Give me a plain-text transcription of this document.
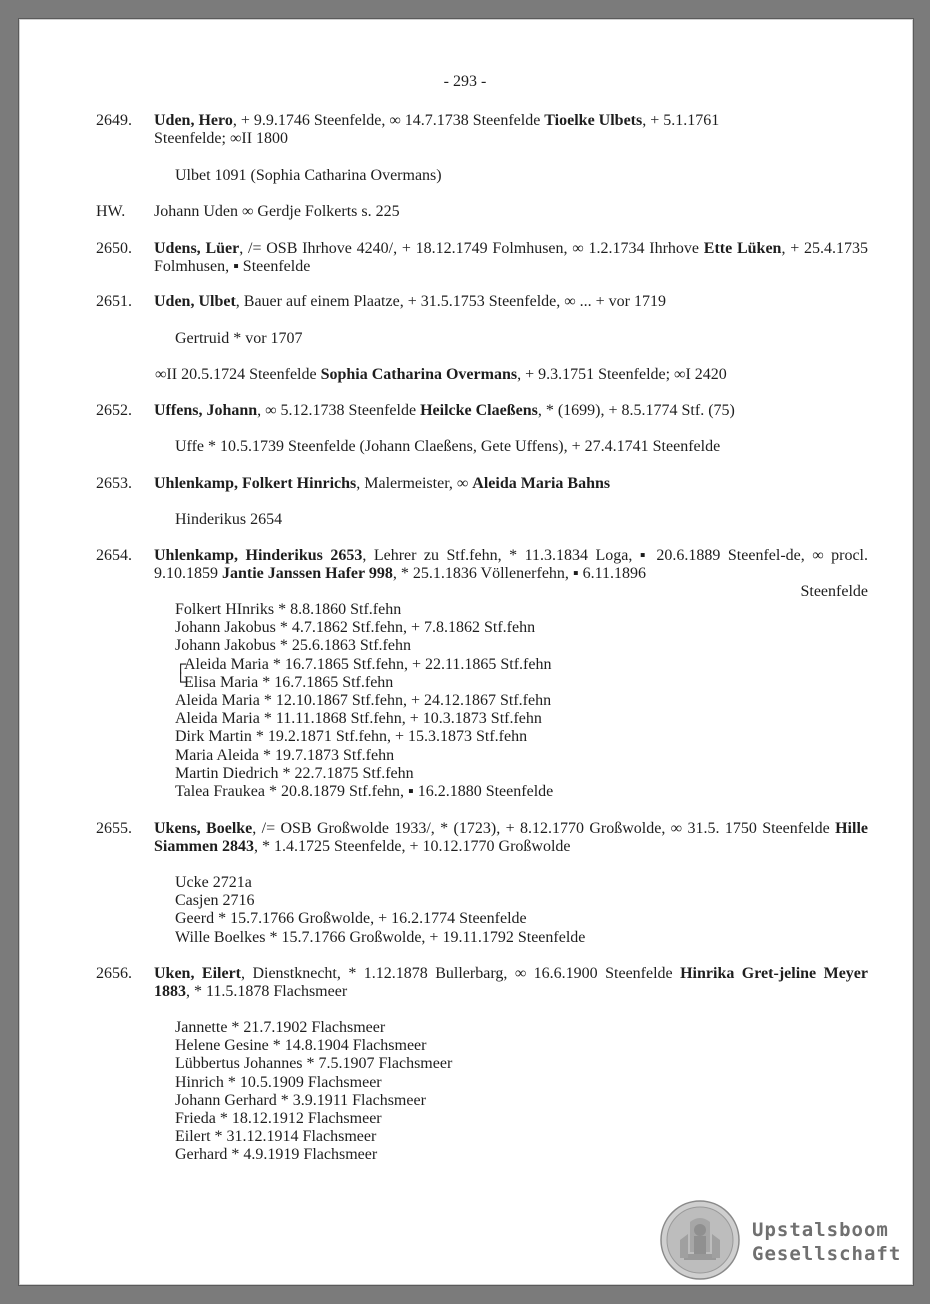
- 293 -
2649.	Uden, Hero, + 9.9.1746 Steenfelde, ∞ 14.7.1738 Steenfelde Tioelke Ulbets, + 5.1.1761
Steenfelde; ∞II 1800
Ulbet 1091 (Sophia Catharina Overmans)
HW.	Johann Uden ∞ Gerdje Folkerts s. 225
2650.	Udens, Lüer, /= OSB Ihrhove 4240/, + 18.12.1749 Folmhusen, ∞ 1.2.1734 Ihrhove Ette Lüken, + 25.4.1735 Folmhusen, ▪ Steenfelde
2651.	Uden, Ulbet, Bauer auf einem Plaatze, + 31.5.1753 Steenfelde, ∞ ... + vor 1719
Gertruid * vor 1707
∞II 20.5.1724 Steenfelde Sophia Catharina Overmans, + 9.3.1751 Steenfelde; ∞I 2420
2652.	Uffens, Johann, ∞ 5.12.1738 Steenfelde Heilcke Claeßens, * (1699), + 8.5.1774 Stf. (75)
Uffe * 10.5.1739 Steenfelde (Johann Claeßens, Gete Uffens), + 27.4.1741 Steenfelde
2653.	Uhlenkamp, Folkert Hinrichs, Malermeister, ∞ Aleida Maria Bahns
Hinderikus 2654
2654.	Uhlenkamp, Hinderikus 2653, Lehrer zu Stf.fehn, * 11.3.1834 Loga, ▪ 20.6.1889 Steenfel-de, ∞ procl. 9.10.1859 Jantie Janssen Hafer 998, * 25.1.1836 Völlenerfehn, ▪ 6.11.1896
Steenfelde
Folkert HInriks * 8.8.1860 Stf.fehn
Johann Jakobus * 4.7.1862 Stf.fehn, + 7.8.1862 Stf.fehn
Johann Jakobus * 25.6.1863 Stf.fehn
┌Aleida Maria * 16.7.1865 Stf.fehn, + 22.11.1865 Stf.fehn
└Elisa Maria * 16.7.1865 Stf.fehn
Aleida Maria * 12.10.1867 Stf.fehn, + 24.12.1867 Stf.fehn
Aleida Maria * 11.11.1868 Stf.fehn, + 10.3.1873 Stf.fehn
Dirk Martin * 19.2.1871 Stf.fehn, + 15.3.1873 Stf.fehn
Maria Aleida * 19.7.1873 Stf.fehn
Martin Diedrich * 22.7.1875 Stf.fehn
Talea Fraukea * 20.8.1879 Stf.fehn, ▪ 16.2.1880 Steenfelde
2655.	Ukens, Boelke, /= OSB Großwolde 1933/, * (1723), + 8.12.1770 Großwolde, ∞ 31.5. 1750 Steenfelde Hille Siammen 2843, * 1.4.1725 Steenfelde, + 10.12.1770 Großwolde
Ucke 2721a
Casjen 2716
Geerd * 15.7.1766 Großwolde, + 16.2.1774 Steenfelde
Wille Boelkes * 15.7.1766 Großwolde, + 19.11.1792 Steenfelde
2656.	Uken, Eilert, Dienstknecht, * 1.12.1878 Bullerbarg, ∞ 16.6.1900 Steenfelde Hinrika Gret-jeline Meyer 1883, * 11.5.1878 Flachsmeer
Jannette * 21.7.1902 Flachsmeer
Helene Gesine * 14.8.1904 Flachsmeer
Lübbertus Johannes * 7.5.1907 Flachsmeer
Hinrich * 10.5.1909 Flachsmeer
Johann Gerhard * 3.9.1911 Flachsmeer
Frieda * 18.12.1912 Flachsmeer
Eilert * 31.12.1914 Flachsmeer
Gerhard * 4.9.1919 Flachsmeer
Upstalsboom
Gesellschaft
